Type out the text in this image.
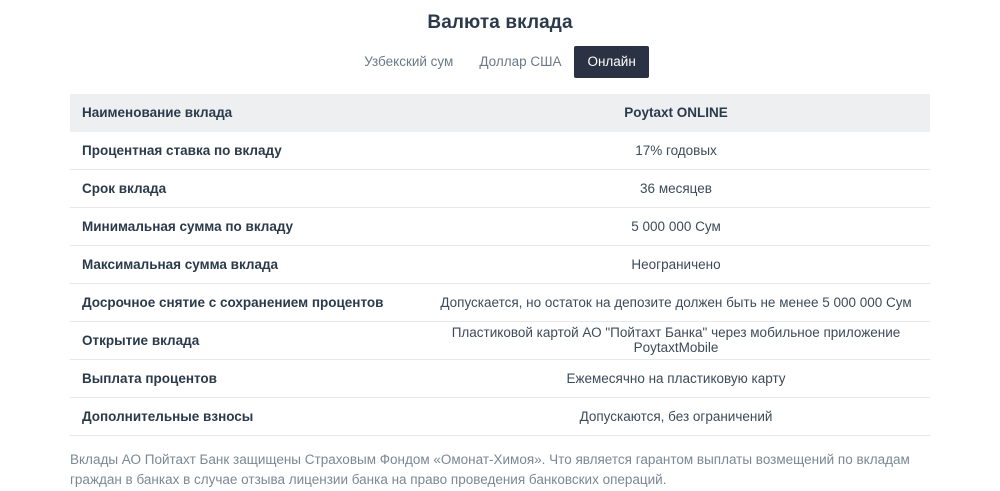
Валюта вклада
Узбекский сум	Доллар США	Онлайн
Наименование вклада	Poytaxt ONLINE
Процентная ставка по вкладу	17% годовых
Срок вклада	36 месяцев
Минимальная сумма по вкладу	5 000 000 Сум
Максимальная сумма вклада	Неограничено
Досрочное снятие с сохранением процентов	Допускается, но остаток на депозите должен быть не менее 5 000 000 Сум
Открытие вклада	Пластиковой картой АО "Пойтахт Банка" через мобильное приложение PoytaxtMobile
Выплата процентов	Ежемесячно на пластиковую карту
Дополнительные взносы	Допускаются, без ограничений

Вклады АО Пойтахт Банк защищены Страховым Фондом «Омонат-Химоя». Что является гарантом выплаты возмещений по вкладам граждан в банках в случае отзыва лицензии банка на право проведения банковских операций.
